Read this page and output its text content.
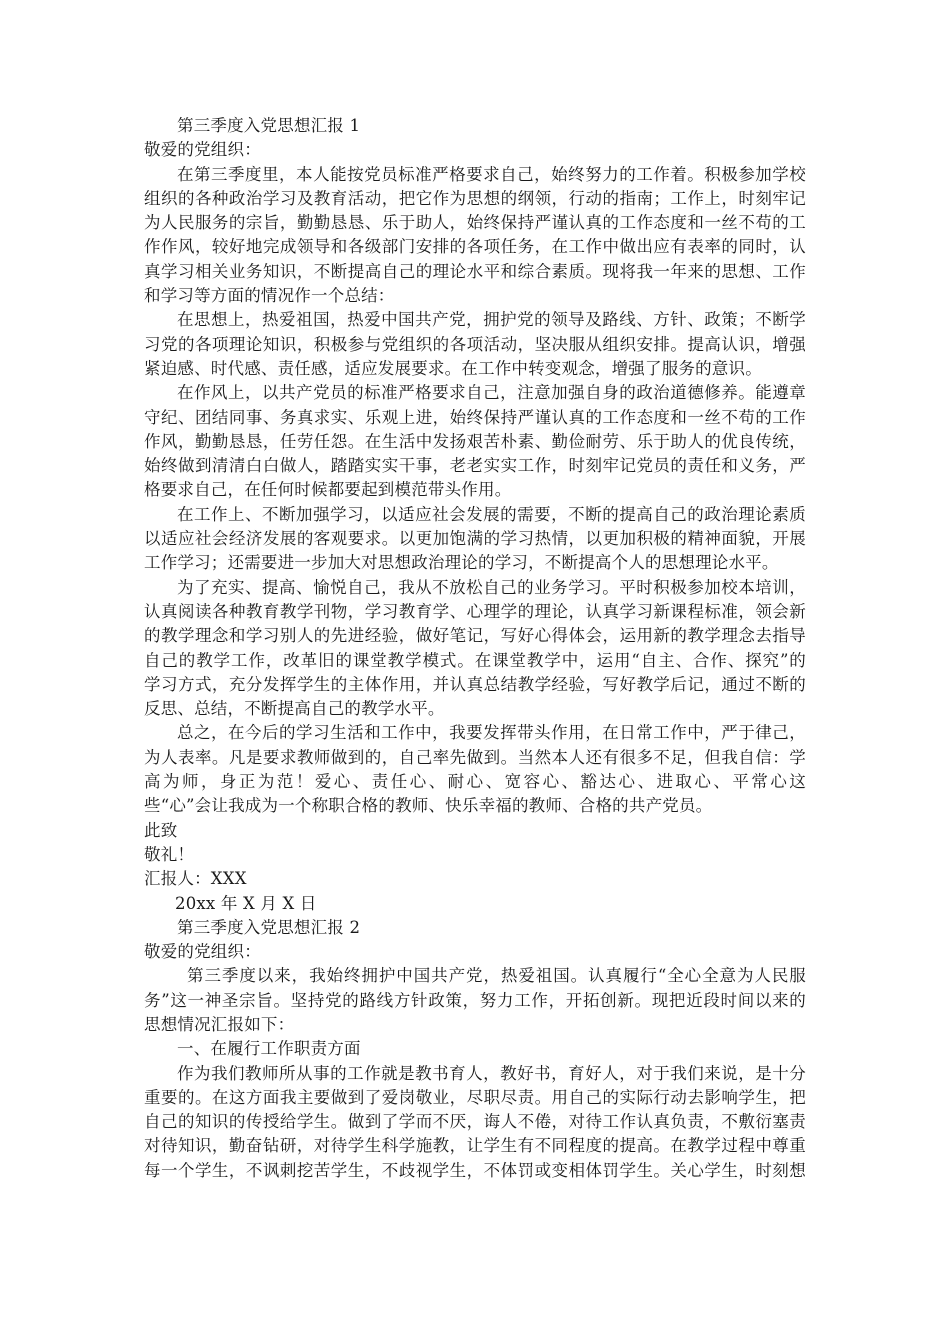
第三季度入党思想汇报 1
敬爱的党组织：
在第三季度里，本人能按党员标准严格要求自己，始终努力的工作着。积极参加学校
组织的各种政治学习及教育活动，把它作为思想的纲领，行动的指南；工作上，时刻牢记
为人民服务的宗旨，勤勤恳恳、乐于助人，始终保持严谨认真的工作态度和一丝不苟的工
作作风，较好地完成领导和各级部门安排的各项任务，在工作中做出应有表率的同时，认
真学习相关业务知识，不断提高自己的理论水平和综合素质。现将我一年来的思想、工作
和学习等方面的情况作一个总结：
在思想上，热爱祖国，热爱中国共产党，拥护党的领导及路线、方针、政策；不断学
习党的各项理论知识，积极参与党组织的各项活动，坚决服从组织安排。提高认识，增强
紧迫感、时代感、责任感，适应发展要求。在工作中转变观念，增强了服务的意识。
在作风上，以共产党员的标准严格要求自己，注意加强自身的政治道德修养。能遵章
守纪、团结同事、务真求实、乐观上进，始终保持严谨认真的工作态度和一丝不苟的工作
作风，勤勤恳恳，任劳任怨。在生活中发扬艰苦朴素、勤俭耐劳、乐于助人的优良传统，
始终做到清清白白做人，踏踏实实干事，老老实实工作，时刻牢记党员的责任和义务，严
格要求自己，在任何时候都要起到模范带头作用。
在工作上、不断加强学习，以适应社会发展的需要，不断的提高自己的政治理论素质
以适应社会经济发展的客观要求。以更加饱满的学习热情，以更加积极的精神面貌，开展
工作学习；还需要进一步加大对思想政治理论的学习，不断提高个人的思想理论水平。
为了充实、提高、愉悦自己，我从不放松自己的业务学习。平时积极参加校本培训，
认真阅读各种教育教学刊物，学习教育学、心理学的理论，认真学习新课程标准，领会新
的教学理念和学习别人的先进经验，做好笔记，写好心得体会，运用新的教学理念去指导
自己的教学工作，改革旧的课堂教学模式。在课堂教学中，运用“自主、合作、探究”的
学习方式，充分发挥学生的主体作用，并认真总结教学经验，写好教学后记，通过不断的
反思、总结，不断提高自己的教学水平。
总之，在今后的学习生活和工作中，我要发挥带头作用，在日常工作中，严于律己，
为人表率。凡是要求教师做到的，自己率先做到。当然本人还有很多不足，但我自信：学
高为师，身正为范！爱心、责任心、耐心、宽容心、豁达心、进取心、平常心这
些“心”会让我成为一个称职合格的教师、快乐幸福的教师、合格的共产党员。
此致
敬礼！
汇报人：XXX
20xx 年 X 月 X 日
第三季度入党思想汇报 2
敬爱的党组织：
第三季度以来，我始终拥护中国共产党，热爱祖国。认真履行“全心全意为人民服
务”这一神圣宗旨。坚持党的路线方针政策，努力工作，开拓创新。现把近段时间以来的
思想情况汇报如下：
一、在履行工作职责方面
作为我们教师所从事的工作就是教书育人，教好书，育好人，对于我们来说，是十分
重要的。在这方面我主要做到了爱岗敬业，尽职尽责。用自己的实际行动去影响学生，把
自己的知识的传授给学生。做到了学而不厌，诲人不倦，对待工作认真负责，不敷衍塞责
对待知识，勤奋钻研，对待学生科学施教，让学生有不同程度的提高。在教学过程中尊重
每一个学生，不讽刺挖苦学生，不歧视学生，不体罚或变相体罚学生。关心学生，时刻想
